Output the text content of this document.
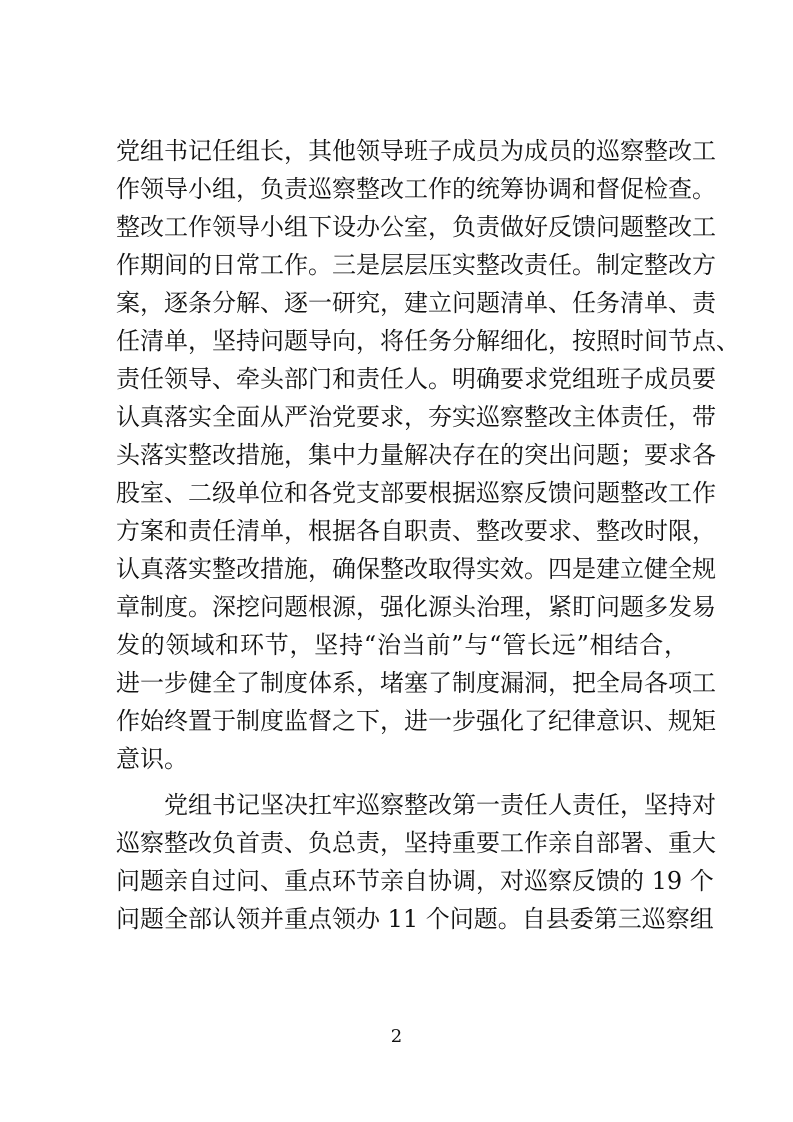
党组书记任组长，其他领导班子成员为成员的巡察整改工
作领导小组，负责巡察整改工作的统筹协调和督促检查。
整改工作领导小组下设办公室，负责做好反馈问题整改工
作期间的日常工作。三是层层压实整改责任。制定整改方
案，逐条分解、逐一研究，建立问题清单、任务清单、责
任清单，坚持问题导向，将任务分解细化，按照时间节点、
责任领导、牵头部门和责任人。明确要求党组班子成员要
认真落实全面从严治党要求，夯实巡察整改主体责任，带
头落实整改措施，集中力量解决存在的突出问题；要求各
股室、二级单位和各党支部要根据巡察反馈问题整改工作
方案和责任清单，根据各自职责、整改要求、整改时限，
认真落实整改措施，确保整改取得实效。四是建立健全规
章制度。深挖问题根源，强化源头治理，紧盯问题多发易
发的领域和环节，坚持“治当前”与“管长远”相结合，
进一步健全了制度体系，堵塞了制度漏洞，把全局各项工
作始终置于制度监督之下，进一步强化了纪律意识、规矩
意识。
党组书记坚决扛牢巡察整改第一责任人责任，坚持对
巡察整改负首责、负总责，坚持重要工作亲自部署、重大
问题亲自过问、重点环节亲自协调，对巡察反馈的 19 个
问题全部认领并重点领办 11 个问题。自县委第三巡察组
2
